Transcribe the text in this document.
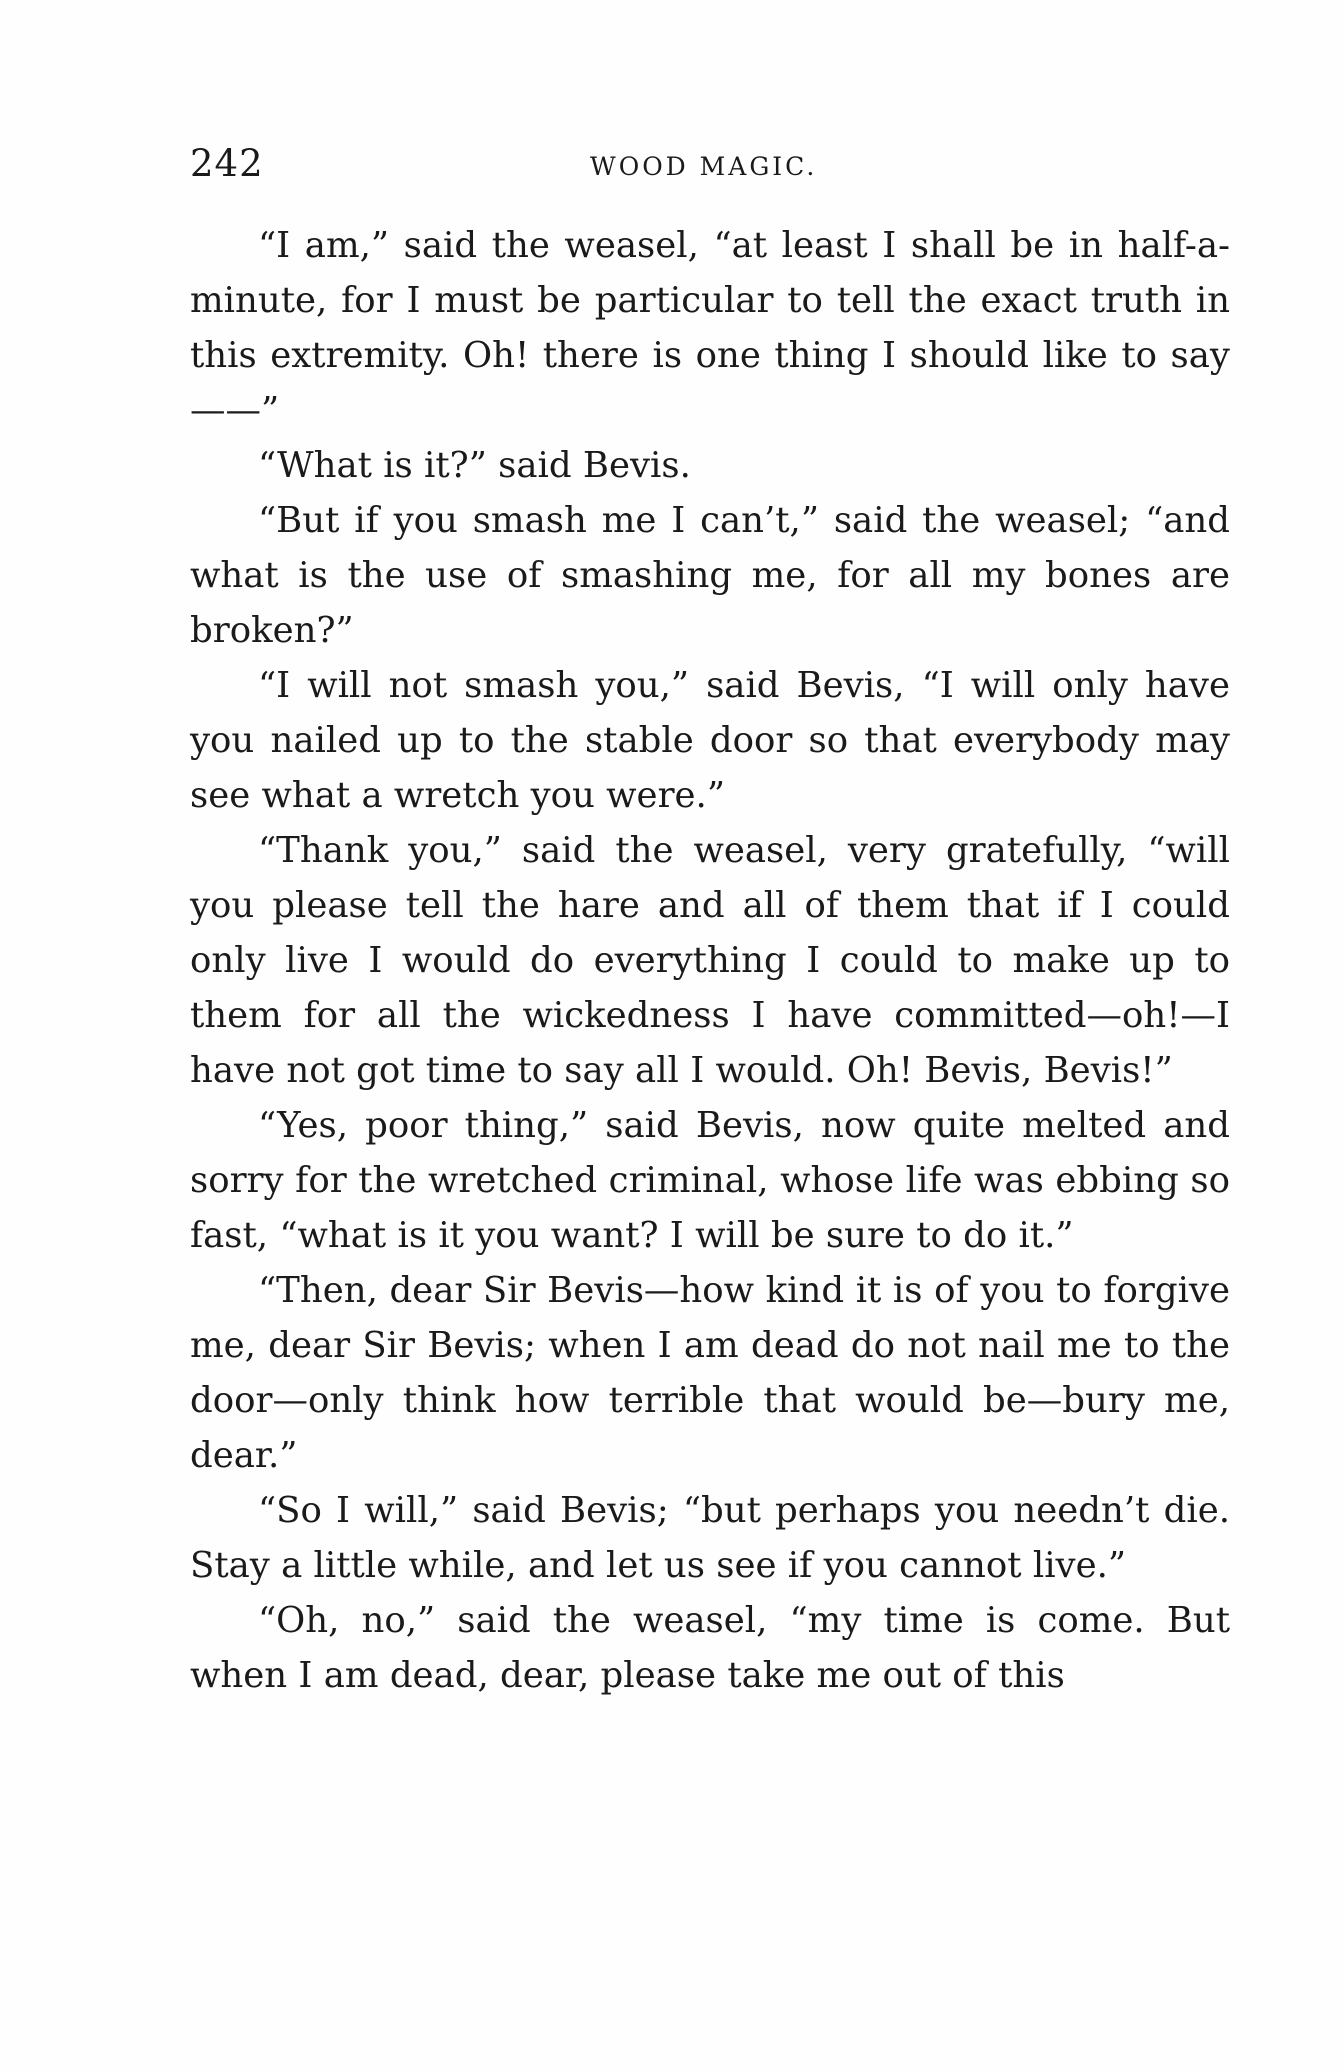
242	WOOD MAGIC.

“I am,” said the weasel, “at least I shall be in half-a-minute, for I must be particular to tell the exact truth in this extremity. Oh! there is one thing I should like to say ——”

“What is it?” said Bevis.

“But if you smash me I can’t,” said the weasel; “and what is the use of smashing me, for all my bones are broken?”

“I will not smash you,” said Bevis, “I will only have you nailed up to the stable door so that everybody may see what a wretch you were.”

“Thank you,” said the weasel, very gratefully, “will you please tell the hare and all of them that if I could only live I would do everything I could to make up to them for all the wickedness I have committed—oh!—I have not got time to say all I would. Oh! Bevis, Bevis!”

“Yes, poor thing,” said Bevis, now quite melted and sorry for the wretched criminal, whose life was ebbing so fast, “what is it you want? I will be sure to do it.”

“Then, dear Sir Bevis—how kind it is of you to forgive me, dear Sir Bevis; when I am dead do not nail me to the door—only think how terrible that would be—bury me, dear.”

“So I will,” said Bevis; “but perhaps you needn’t die. Stay a little while, and let us see if you cannot live.”

“Oh, no,” said the weasel, “my time is come. But when I am dead, dear, please take me out of this
